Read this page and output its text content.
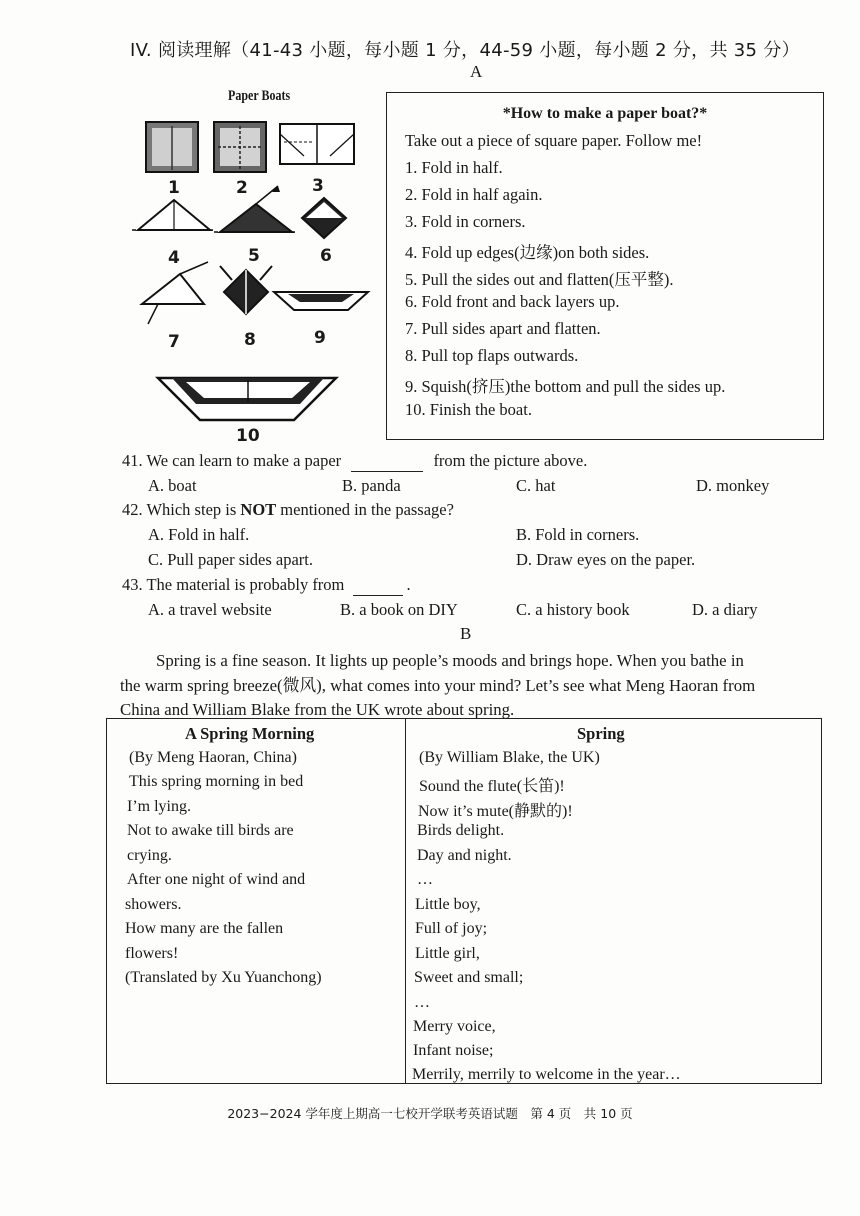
IV. 阅读理解（41-43 小题，每小题 1 分，44-59 小题，每小题 2 分，共 35 分）
A
Paper Boats
1	2	3
4	5	6
7	8	9
10
*How to make a paper boat?*
Take out a piece of square paper. Follow me!
1. Fold in half.
2. Fold in half again.
3. Fold in corners.
4. Fold up edges(边缘)on both sides.
5. Pull the sides out and flatten(压平整).
6. Fold front and back layers up.
7. Pull sides apart and flatten.
8. Pull top flaps outwards.
9. Squish(挤压)the bottom and pull the sides up.
10. Finish the boat.
41. We can learn to make a paper	from the picture above.
A. boat	B. panda	C. hat	D. monkey
42. Which step is NOT mentioned in the passage?
A. Fold in half.	B. Fold in corners.
C. Pull paper sides apart.	D. Draw eyes on the paper.
43. The material is probably from	.
A. a travel website	B. a book on DIY	C. a history book	D. a diary
B
Spring is a fine season. It lights up people’s moods and brings hope. When you bathe in
the warm spring breeze(微风), what comes into your mind? Let’s see what Meng Haoran from
China and William Blake from the UK wrote about spring.
A Spring Morning
(By Meng Haoran, China)
This spring morning in bed
I’m lying.
Not to awake till birds are
crying.
After one night of wind and
showers.
How many are the fallen
flowers!
(Translated by Xu Yuanchong)
Spring
(By William Blake, the UK)
Sound the flute(长笛)!
Now it’s mute(静默的)!
Birds delight.
Day and night.
…
Little boy,
Full of joy;
Little girl,
Sweet and small;
…
Merry voice,
Infant noise;
Merrily, merrily to welcome in the year…
2023−2024 学年度上期高一七校开学联考英语试题　第 4 页　共 10 页
